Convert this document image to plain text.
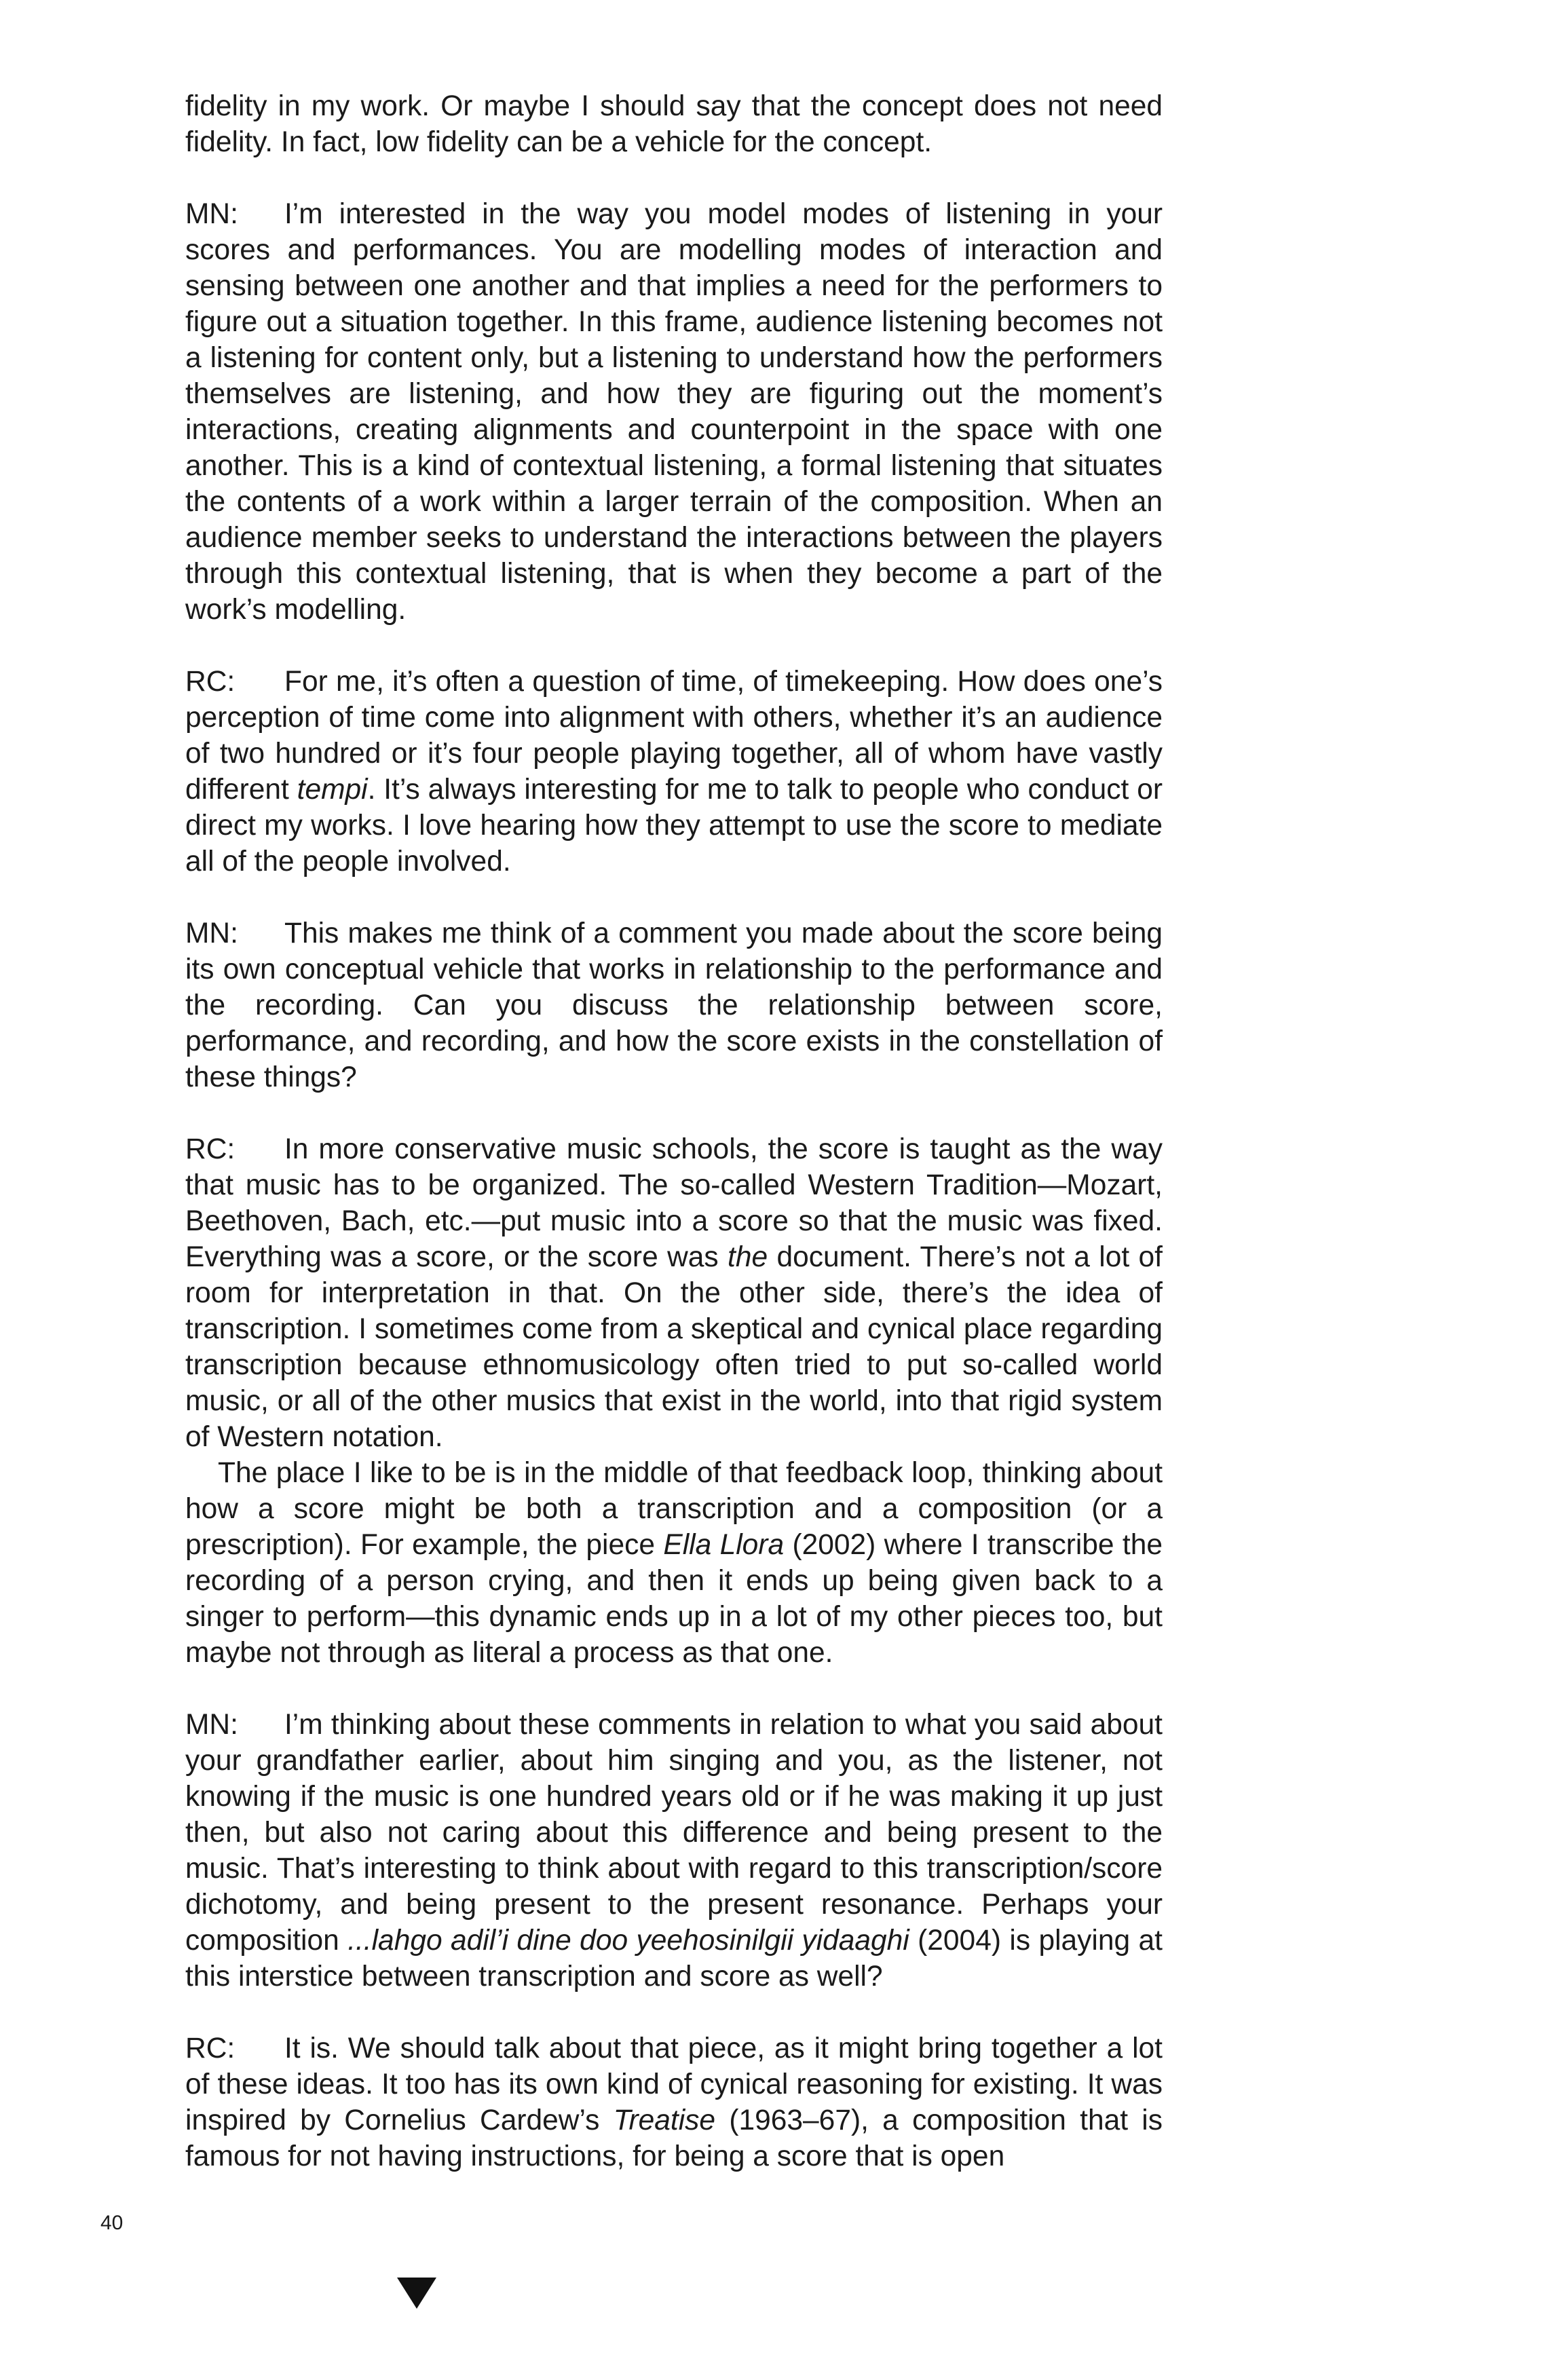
fidelity in my work. Or maybe I should say that the concept does not need fidelity. In fact, low fidelity can be a vehicle for the concept.

MN: I’m interested in the way you model modes of listening in your scores and performances. You are modelling modes of interaction and sensing between one another and that implies a need for the performers to figure out a situation together. In this frame, audience listening becomes not a listening for content only, but a listening to understand how the performers themselves are listening, and how they are figuring out the moment’s interactions, creating alignments and counterpoint in the space with one another. This is a kind of contextual listening, a formal listening that situates the contents of a work within a larger terrain of the composition. When an audience member seeks to understand the interactions between the players through this contextual listening, that is when they become a part of the work’s modelling.

RC: For me, it’s often a question of time, of timekeeping. How does one’s perception of time come into alignment with others, whether it’s an audience of two hundred or it’s four people playing together, all of whom have vastly different tempi. It’s always interesting for me to talk to people who conduct or direct my works. I love hearing how they attempt to use the score to mediate all of the people involved.

MN: This makes me think of a comment you made about the score being its own conceptual vehicle that works in relationship to the performance and the recording. Can you discuss the relationship between score, performance, and recording, and how the score exists in the constellation of these things?

RC: In more conservative music schools, the score is taught as the way that music has to be organized. The so-called Western Tradition—Mozart, Beethoven, Bach, etc.—put music into a score so that the music was fixed. Everything was a score, or the score was the document. There’s not a lot of room for interpretation in that. On the other side, there’s the idea of transcription. I sometimes come from a skeptical and cynical place regarding transcription because ethnomusicology often tried to put so-called world music, or all of the other musics that exist in the world, into that rigid system of Western notation.

The place I like to be is in the middle of that feedback loop, thinking about how a score might be both a transcription and a composition (or a prescription). For example, the piece Ella Llora (2002) where I transcribe the recording of a person crying, and then it ends up being given back to a singer to perform—this dynamic ends up in a lot of my other pieces too, but maybe not through as literal a process as that one.

MN: I’m thinking about these comments in relation to what you said about your grandfather earlier, about him singing and you, as the listener, not knowing if the music is one hundred years old or if he was making it up just then, but also not caring about this difference and being present to the music. That’s interesting to think about with regard to this transcription/score dichotomy, and being present to the present resonance. Perhaps your composition ...lahgo adil’i dine doo yeehosinilgii yidaaghi (2004) is playing at this interstice between transcription and score as well?

RC: It is. We should talk about that piece, as it might bring together a lot of these ideas. It too has its own kind of cynical reasoning for existing. It was inspired by Cornelius Cardew’s Treatise (1963–67), a composition that is famous for not having instructions, for being a score that is open

40
